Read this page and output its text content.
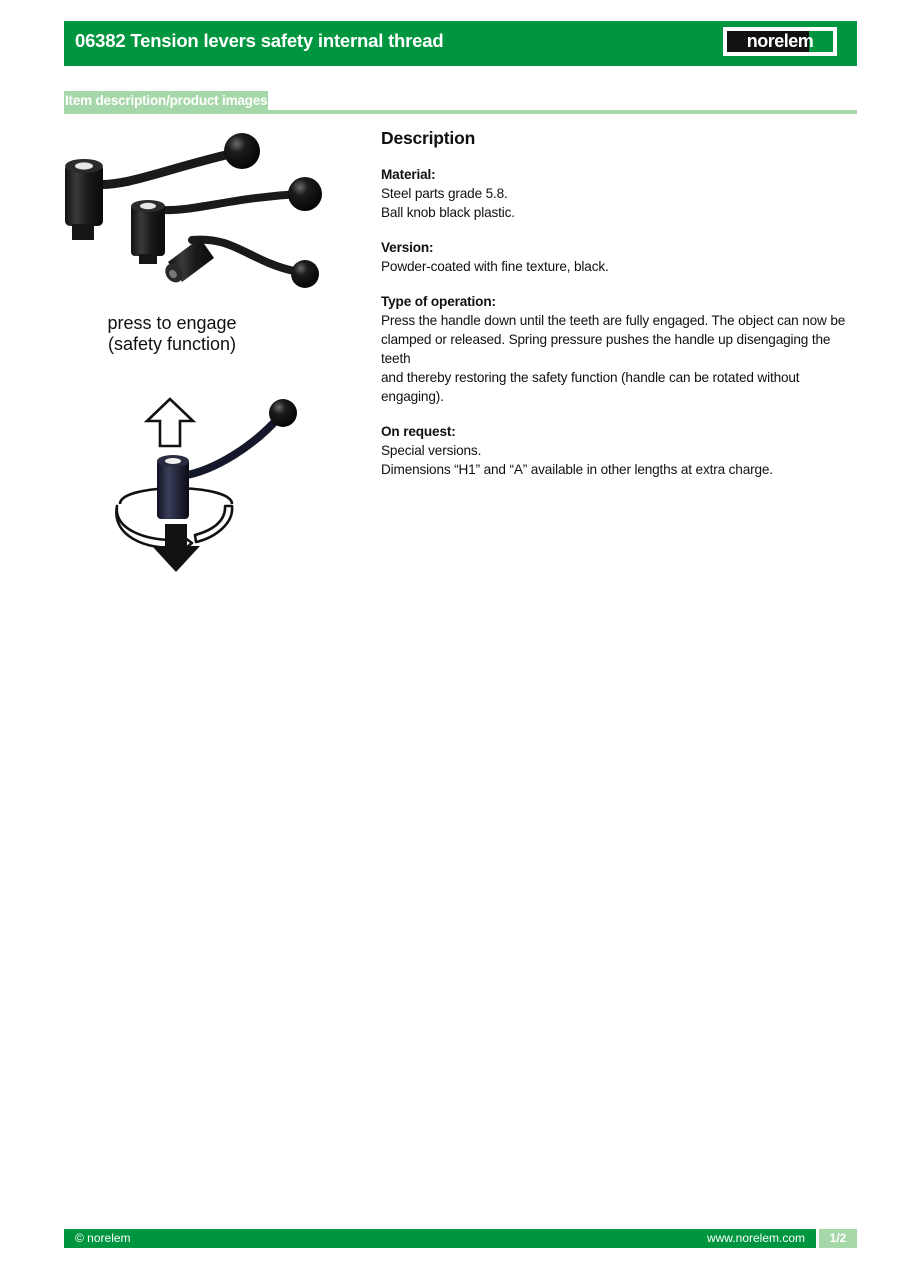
06382 Tension levers safety internal thread	norelem
Item description/product images
press to engage (safety function)
Description
Material:
Steel parts grade 5.8.
Ball knob black plastic.
Version:
Powder-coated with fine texture, black.
Type of operation:
Press the handle down until the teeth are fully engaged. The object can now be
clamped or released. Spring pressure pushes the handle up disengaging the teeth
and thereby restoring the safety function (handle can be rotated without engaging).
On request:
Special versions.
Dimensions “H1” and “A” available in other lengths at extra charge.
© norelem	www.norelem.com	1/2
